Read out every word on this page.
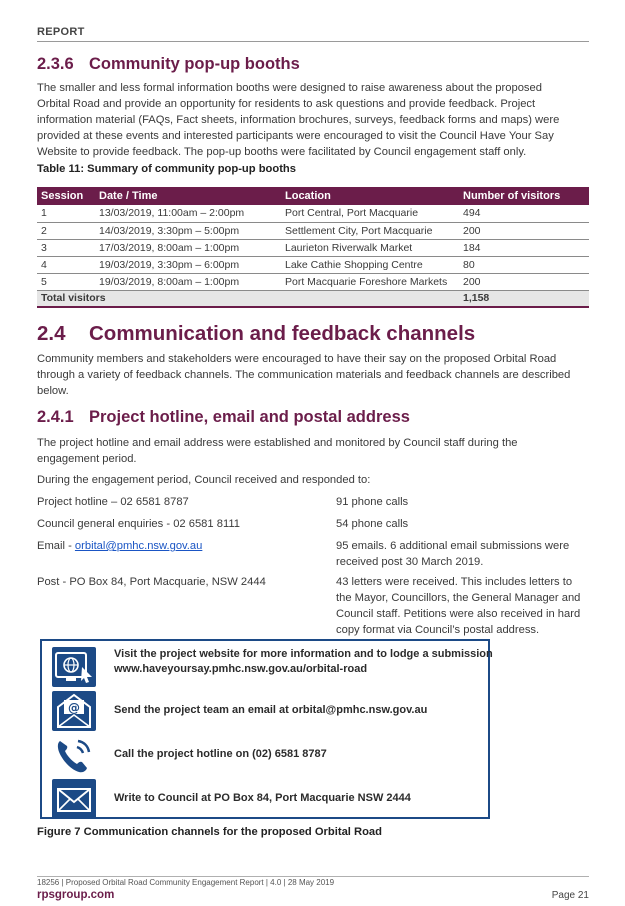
REPORT
2.3.6 Community pop-up booths
The smaller and less formal information booths were designed to raise awareness about the proposed
Orbital Road and provide an opportunity for residents to ask questions and provide feedback. Project
information material (FAQs, Fact sheets, information brochures, surveys, feedback forms and maps) were
provided at these events and interested participants were encouraged to visit the Council Have Your Say
Website to provide feedback. The pop-up booths were facilitated by Council engagement staff only.
Table 11: Summary of community pop-up booths
Session	Date / Time	Location	Number of visitors
1	13/03/2019, 11:00am – 2:00pm	Port Central, Port Macquarie	494
2	14/03/2019, 3:30pm – 5:00pm	Settlement City, Port Macquarie	200
3	17/03/2019, 8:00am – 1:00pm	Laurieton Riverwalk Market	184
4	19/03/2019, 3:30pm – 6:00pm	Lake Cathie Shopping Centre	80
5	19/03/2019, 8:00am – 1:00pm	Port Macquarie Foreshore Markets	200
Total visitors			1,158
2.4 Communication and feedback channels
Community members and stakeholders were encouraged to have their say on the proposed Orbital Road
through a variety of feedback channels. The communication materials and feedback channels are described
below.
2.4.1 Project hotline, email and postal address
The project hotline and email address were established and monitored by Council staff during the
engagement period.
During the engagement period, Council received and responded to:
Project hotline – 02 6581 8787	91 phone calls
Council general enquiries - 02 6581 8111	54 phone calls
Email - orbital@pmhc.nsw.gov.au	95 emails. 6 additional email submissions were
received post 30 March 2019.
Post - PO Box 84, Port Macquarie, NSW 2444	43 letters were received. This includes letters to
the Mayor, Councillors, the General Manager and
Council staff. Petitions were also received in hard
copy format via Council’s postal address.
Visit the project website for more information and to lodge a submission
www.haveyoursay.pmhc.nsw.gov.au/orbital-road
@	Send the project team an email at orbital@pmhc.nsw.gov.au
Call the project hotline on (02) 6581 8787
Write to Council at PO Box 84, Port Macquarie NSW 2444
Figure 7 Communication channels for the proposed Orbital Road
18256 | Proposed Orbital Road Community Engagement Report | 4.0 | 28 May 2019
rpsgroup.com	Page 21
